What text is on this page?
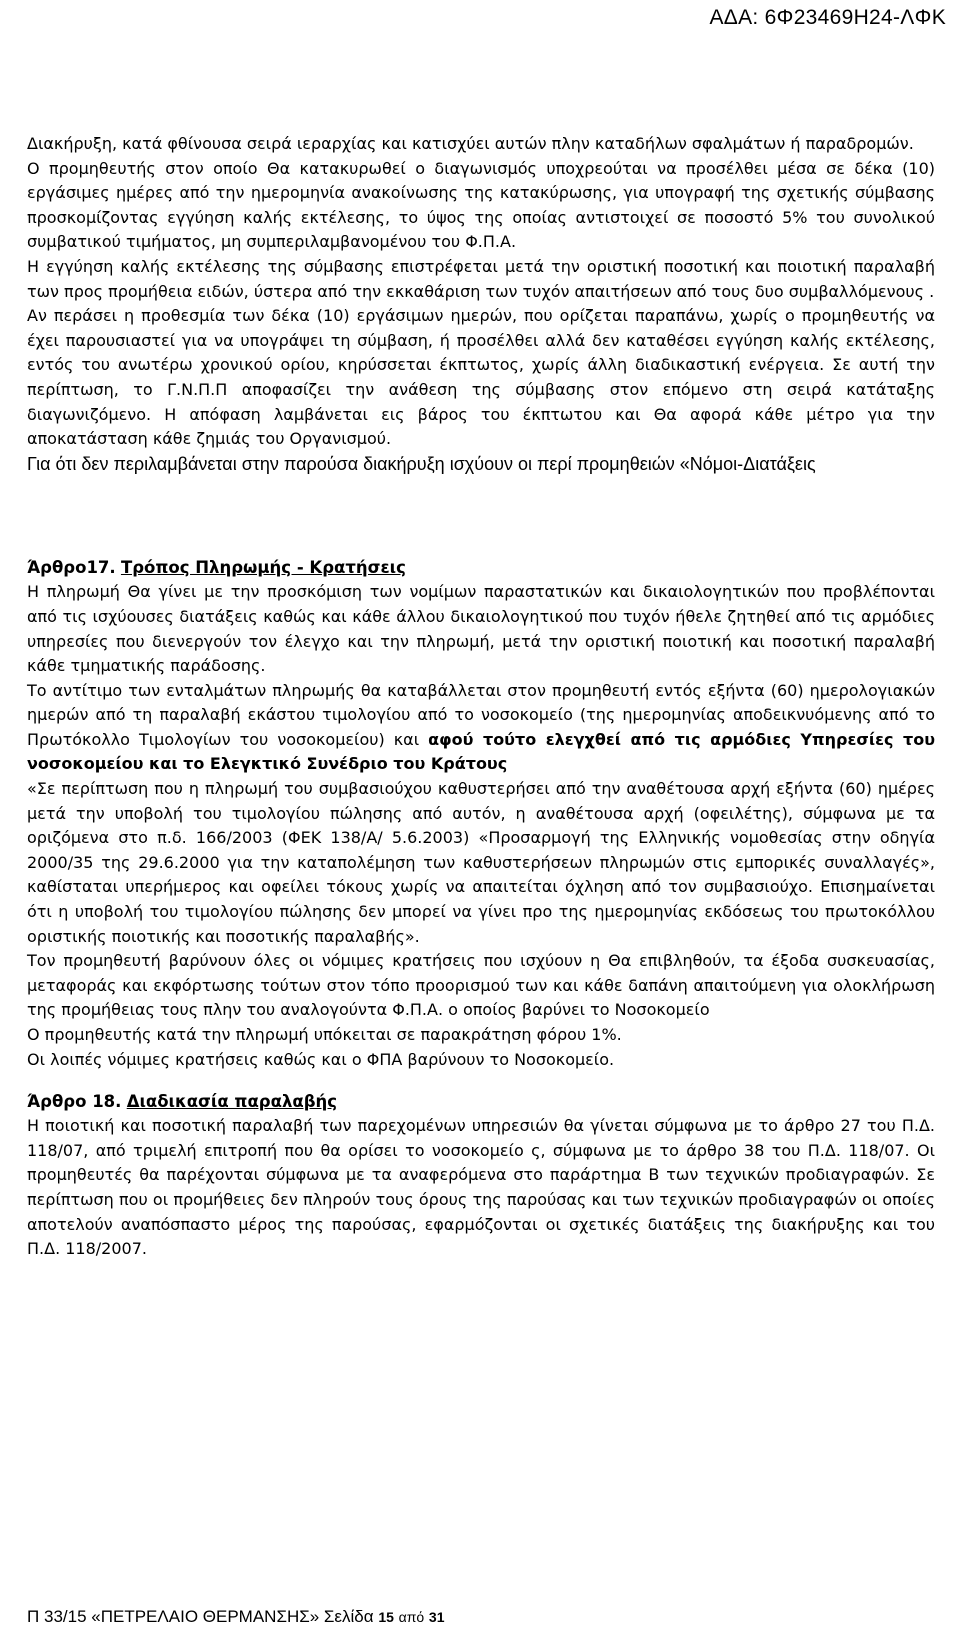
ΑΔΑ: 6Φ23469Η24-ΛΦΚ

Διακήρυξη, κατά φθίνουσα σειρά ιεραρχίας και κατισχύει αυτών πλην καταδήλων σφαλμάτων ή παραδρομών.

Ο προμηθευτής στον οποίο Θα κατακυρωθεί ο διαγωνισμός υποχρεούται να προσέλθει μέσα σε δέκα (10) εργάσιμες ημέρες από την ημερομηνία ανακοίνωσης της κατακύρωσης, για υπογραφή της σχετικής σύμβασης προσκομίζοντας εγγύηση καλής εκτέλεσης, το ύψος της οποίας αντιστοιχεί σε ποσοστό 5% του συνολικού συμβατικού τιμήματος, μη συμπεριλαμβανομένου του Φ.Π.Α.

Η εγγύηση καλής εκτέλεσης της σύμβασης επιστρέφεται μετά την οριστική ποσοτική και ποιοτική παραλαβή των προς προμήθεια ειδών, ύστερα από την εκκαθάριση των τυχόν απαιτήσεων από τους δυο συμβαλλόμενους .

Αν περάσει η προθεσμία των δέκα (10) εργάσιμων ημερών, που ορίζεται παραπάνω, χωρίς ο προμηθευτής να έχει παρουσιαστεί για να υπογράψει τη σύμβαση, ή προσέλθει αλλά δεν καταθέσει εγγύηση καλής εκτέλεσης, εντός του ανωτέρω χρονικού ορίου, κηρύσσεται έκπτωτος, χωρίς άλλη διαδικαστική ενέργεια. Σε αυτή την περίπτωση, το Γ.Ν.Π.Π αποφασίζει την ανάθεση της σύμβασης στον επόμενο στη σειρά κατάταξης διαγωνιζόμενο. Η απόφαση λαμβάνεται εις βάρος του έκπτωτου και Θα αφορά κάθε μέτρο για την αποκατάσταση κάθε ζημιάς του Οργανισμού.

Για ότι δεν περιλαμβάνεται στην παρούσα διακήρυξη ισχύουν οι περί προμηθειών «Νόμοι-Διατάξεις

Άρθρο17. Τρόπος Πληρωμής - Κρατήσεις

Η πληρωμή Θα γίνει με την προσκόμιση των νομίμων παραστατικών και δικαιολογητικών που προβλέπονται από τις ισχύουσες διατάξεις καθώς και κάθε άλλου δικαιολογητικού που τυχόν ήθελε ζητηθεί από τις αρμόδιες υπηρεσίες που διενεργούν τον έλεγχο και την πληρωμή, μετά την οριστική ποιοτική και ποσοτική παραλαβή κάθε τμηματικής παράδοσης.

Το αντίτιμο των ενταλμάτων πληρωμής θα καταβάλλεται στον προμηθευτή εντός εξήντα (60) ημερολογιακών ημερών από τη παραλαβή εκάστου τιμολογίου από το νοσοκομείο (της ημερομηνίας αποδεικνυόμενης από το Πρωτόκολλο Τιμολογίων του νοσοκομείου) και αφού τούτο ελεγχθεί από τις αρμόδιες Υπηρεσίες του νοσοκομείου και το Ελεγκτικό Συνέδριο του Κράτους

«Σε περίπτωση που η πληρωμή του συμβασιούχου καθυστερήσει από την αναθέτουσα αρχή εξήντα (60) ημέρες μετά την υποβολή του τιμολογίου πώλησης από αυτόν, η αναθέτουσα αρχή (οφειλέτης), σύμφωνα με τα οριζόμενα στο π.δ. 166/2003 (ΦΕΚ 138/Α/ 5.6.2003) «Προσαρμογή της Ελληνικής νομοθεσίας στην οδηγία 2000/35 της 29.6.2000 για την καταπολέμηση των καθυστερήσεων πληρωμών στις εμπορικές συναλλαγές», καθίσταται υπερήμερος και οφείλει τόκους χωρίς να απαιτείται όχληση από τον συμβασιούχο. Επισημαίνεται ότι η υποβολή του τιμολογίου πώλησης δεν μπορεί να γίνει προ της ημερομηνίας εκδόσεως του πρωτοκόλλου οριστικής ποιοτικής και ποσοτικής παραλαβής».

Τον προμηθευτή βαρύνουν όλες οι νόμιμες κρατήσεις που ισχύουν η Θα επιβληθούν, τα έξοδα συσκευασίας, μεταφοράς και εκφόρτωσης τούτων στον τόπο προορισμού των και κάθε δαπάνη απαιτούμενη για ολοκλήρωση της προμήθειας τους πλην του αναλογούντα Φ.Π.Α. ο οποίος βαρύνει το Νοσοκομείο

Ο προμηθευτής κατά την πληρωμή υπόκειται σε παρακράτηση φόρου 1%.

Οι λοιπές νόμιμες κρατήσεις καθώς και ο ΦΠΑ βαρύνουν το Νοσοκομείο.

Άρθρο 18. Διαδικασία παραλαβής

Η ποιοτική και ποσοτική παραλαβή των παρεχομένων υπηρεσιών θα γίνεται σύμφωνα με το άρθρο 27 του Π.Δ. 118/07, από τριμελή επιτροπή που θα ορίσει το νοσοκομείο ς, σύμφωνα με το άρθρο 38 του Π.Δ. 118/07. Οι προμηθευτές θα παρέχονται σύμφωνα με τα αναφερόμενα στο παράρτημα Β των τεχνικών προδιαγραφών. Σε περίπτωση που οι προμήθειες δεν πληρούν τους όρους της παρούσας και των τεχνικών προδιαγραφών οι οποίες αποτελούν αναπόσπαστο μέρος της παρούσας, εφαρμόζονται οι σχετικές διατάξεις της διακήρυξης και του Π.Δ. 118/2007.

Π 33/15 «ΠΕΤΡΕΛΑΙΟ ΘΕΡΜΑΝΣΗΣ» Σελίδα 15 από 31
